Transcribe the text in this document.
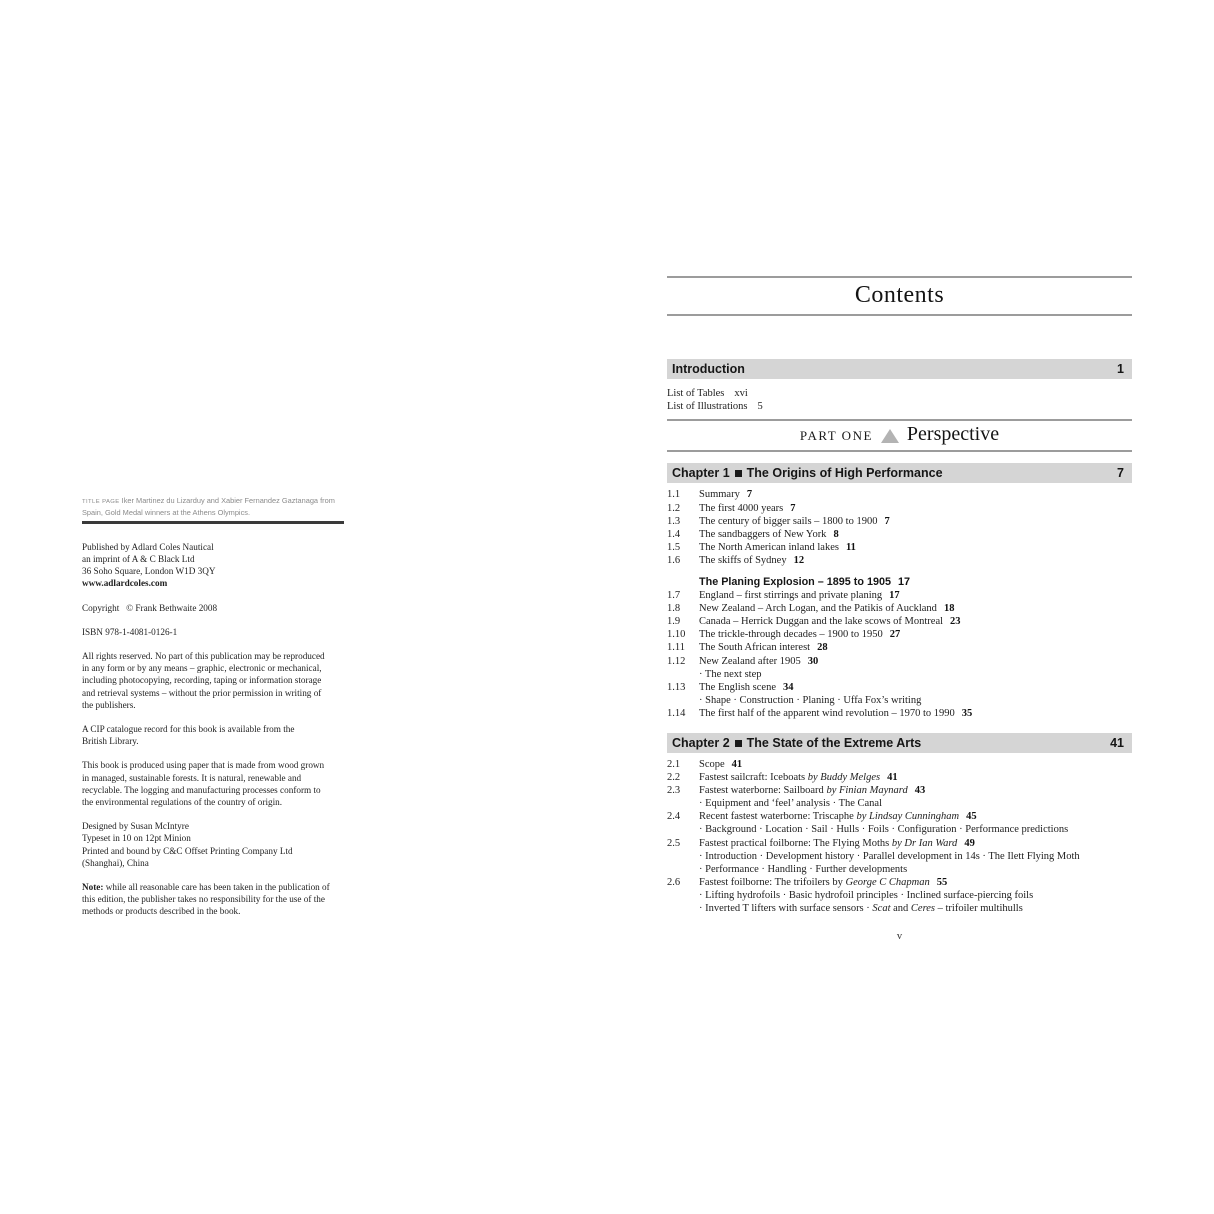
TITLE PAGE Iker Martinez du Lizarduy and Xabier Fernandez Gaztanaga from
Spain, Gold Medal winners at the Athens Olympics.

Published by Adlard Coles Nautical
an imprint of A & C Black Ltd
36 Soho Square, London W1D 3QY
www.adlardcoles.com

Copyright  © Frank Bethwaite 2008

ISBN 978-1-4081-0126-1

All rights reserved. No part of this publication may be reproduced
in any form or by any means – graphic, electronic or mechanical,
including photocopying, recording, taping or information storage
and retrieval systems – without the prior permission in writing of
the publishers.

A CIP catalogue record for this book is available from the
British Library.

This book is produced using paper that is made from wood grown
in managed, sustainable forests. It is natural, renewable and
recyclable. The logging and manufacturing processes conform to
the environmental regulations of the country of origin.

Designed by Susan McIntyre
Typeset in 10 on 12pt Minion
Printed and bound by C&C Offset Printing Company Ltd
(Shanghai), China

Note: while all reasonable care has been taken in the publication of
this edition, the publisher takes no responsibility for the use of the
methods or products described in the book.

Contents
Introduction	1
List of Tables xvi
List of Illustrations 5
PART ONE Perspective
Chapter 1 The Origins of High Performance	7
1.1	Summary 7
1.2	The first 4000 years 7
1.3	The century of bigger sails – 1800 to 1900 7
1.4	The sandbaggers of New York 8
1.5	The North American inland lakes 11
1.6	The skiffs of Sydney 12
The Planing Explosion – 1895 to 1905 17
1.7	England – first stirrings and private planing 17
1.8	New Zealand – Arch Logan, and the Patikis of Auckland 18
1.9	Canada – Herrick Duggan and the lake scows of Montreal 23
1.10	The trickle-through decades – 1900 to 1950 27
1.11	The South African interest 28
1.12	New Zealand after 1905 30
· The next step
1.13	The English scene 34
· Shape · Construction · Planing · Uffa Fox’s writing
1.14	The first half of the apparent wind revolution – 1970 to 1990 35
Chapter 2 The State of the Extreme Arts	41
2.1	Scope 41
2.2	Fastest sailcraft: Iceboats by Buddy Melges 41
2.3	Fastest waterborne: Sailboard by Finian Maynard 43
· Equipment and ‘feel’ analysis · The Canal
2.4	Recent fastest waterborne: Triscaphe by Lindsay Cunningham 45
· Background · Location · Sail · Hulls · Foils · Configuration · Performance predictions
2.5	Fastest practical foilborne: The Flying Moths by Dr Ian Ward 49
· Introduction · Development history · Parallel development in 14s · The Ilett Flying Moth
· Performance · Handling · Further developments
2.6	Fastest foilborne: The trifoilers by George C Chapman 55
· Lifting hydrofoils · Basic hydrofoil principles · Inclined surface-piercing foils
· Inverted T lifters with surface sensors · Scat and Ceres – trifoiler multihulls
v
